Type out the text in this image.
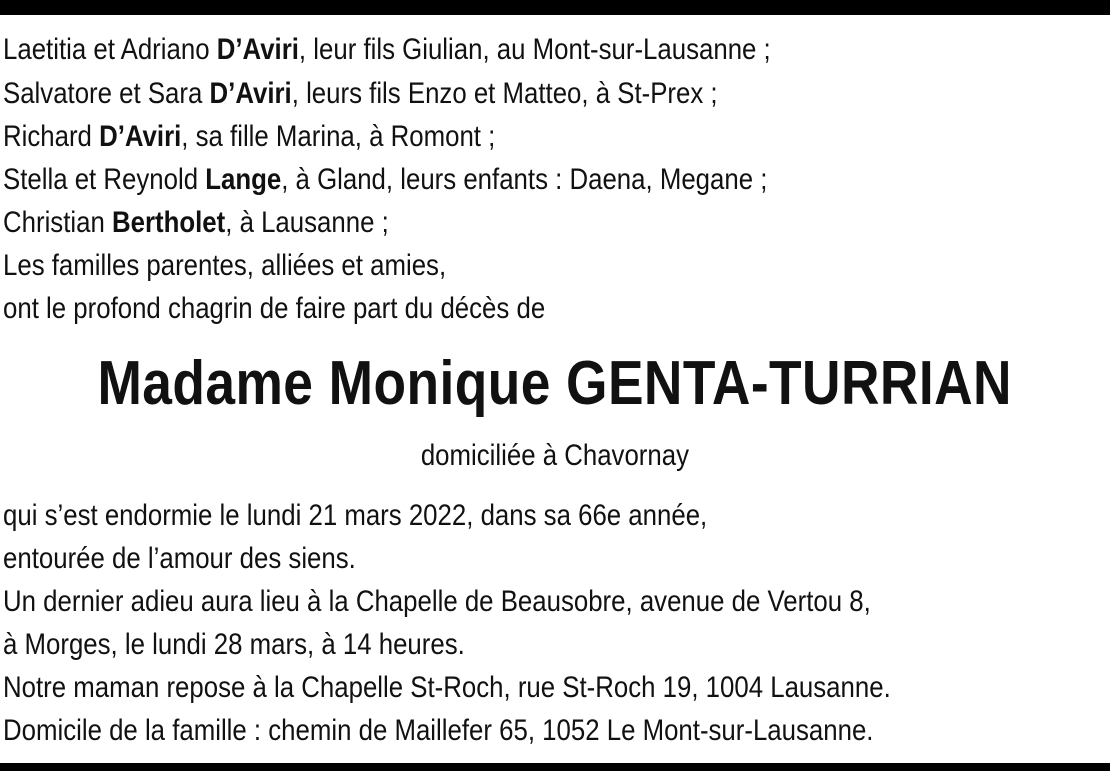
Laetitia et Adriano D’Aviri, leur fils Giulian, au Mont-sur-Lausanne ;
Salvatore et Sara D’Aviri, leurs fils Enzo et Matteo, à St-Prex ;
Richard D’Aviri, sa fille Marina, à Romont ;
Stella et Reynold Lange, à Gland, leurs enfants : Daena, Megane ;
Christian Bertholet, à Lausanne ;
Les familles parentes, alliées et amies,
ont le profond chagrin de faire part du décès de
Madame Monique GENTA-TURRIAN
domiciliée à Chavornay
qui s’est endormie le lundi 21 mars 2022, dans sa 66e année,
entourée de l’amour des siens.
Un dernier adieu aura lieu à la Chapelle de Beausobre, avenue de Vertou 8,
à Morges, le lundi 28 mars, à 14 heures.
Notre maman repose à la Chapelle St-Roch, rue St-Roch 19, 1004 Lausanne.
Domicile de la famille : chemin de Maillefer 65, 1052 Le Mont-sur-Lausanne.
